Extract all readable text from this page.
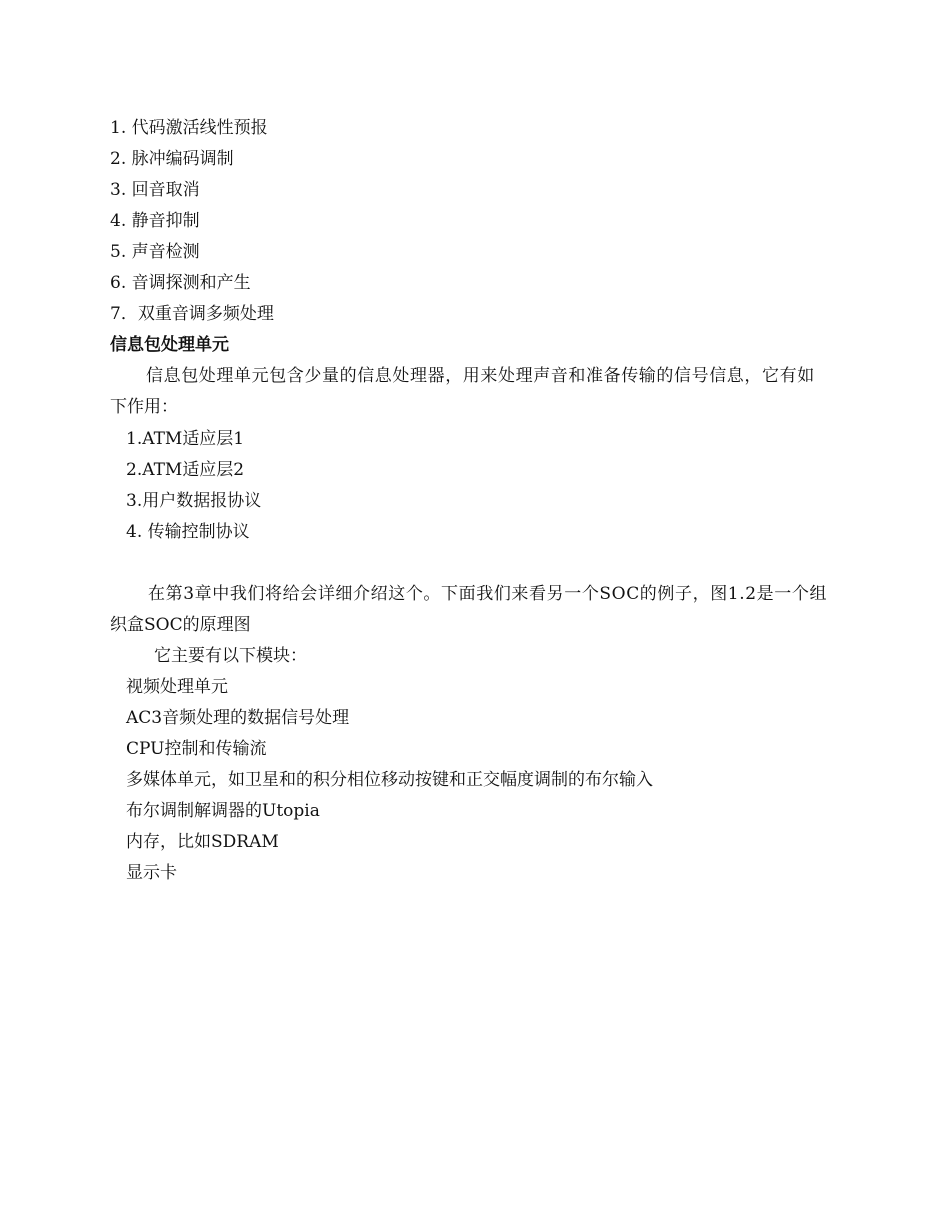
1. 代码激活线性预报
2. 脉冲编码调制
3. 回音取消
4. 静音抑制
5. 声音检测
6. 音调探测和产生
7．双重音调多频处理
信息包处理单元
信息包处理单元包含少量的信息处理器，用来处理声音和准备传输的信号信息，它有如
下作用：
1.ATM适应层1
2.ATM适应层2
3.用户数据报协议
4. 传输控制协议
在第3章中我们将给会详细介绍这个。下面我们来看另一个SOC的例子，图1.2是一个组
织盒SOC的原理图
它主要有以下模块：
视频处理单元
AC3音频处理的数据信号处理
CPU控制和传输流
多媒体单元，如卫星和的积分相位移动按键和正交幅度调制的布尔输入
布尔调制解调器的Utopia
内存，比如SDRAM
显示卡
